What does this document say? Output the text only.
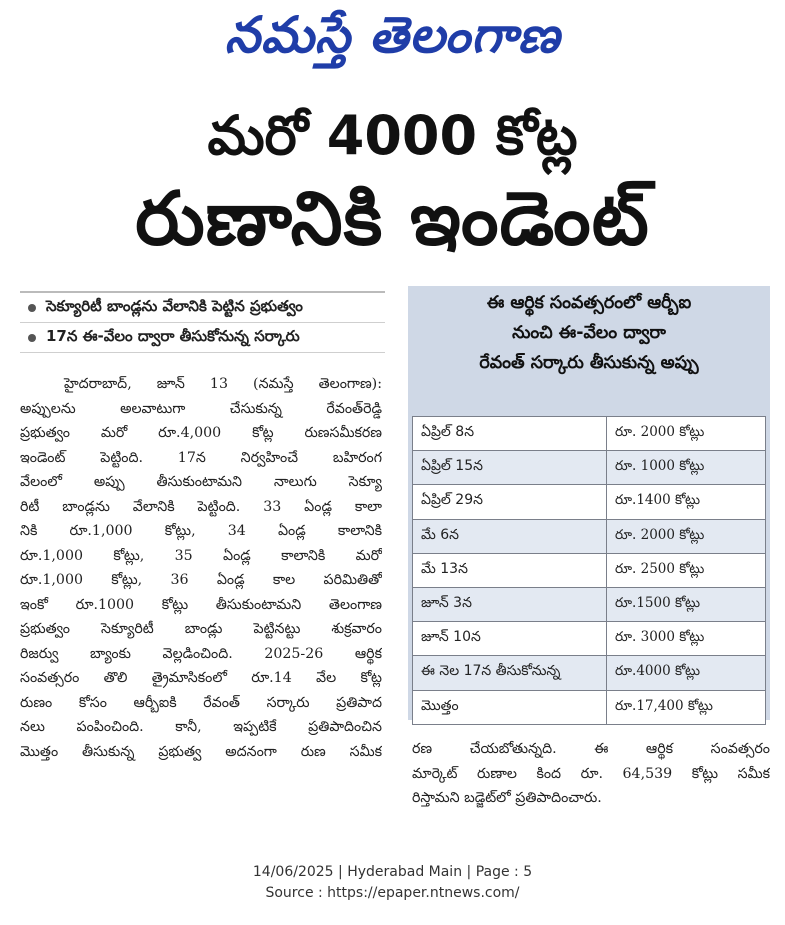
నమస్తే తెలంగాణ
మరో 4000 కోట్ల
రుణానికి ఇండెంట్
సెక్యూరిటీ బాండ్లను వేలానికి పెట్టిన ప్రభుత్వం
17న ఈ-వేలం ద్వారా తీసుకోనున్న సర్కారు
హైదరాబాద్, జూన్ 13 (నమస్తే తెలంగాణ):
అప్పులను అలవాటుగా చేసుకున్న రేవంత్‌రెడ్డి
ప్రభుత్వం మరో రూ.4,000 కోట్ల రుణసమీకరణ
ఇండెంట్ పెట్టింది. 17న నిర్వహించే బహిరంగ
వేలంలో అప్పు తీసుకుంటామని నాలుగు సెక్యూ
రిటీ బాండ్లను వేలానికి పెట్టింది. 33 ఏండ్ల కాలా
నికి రూ.1,000 కోట్లు, 34 ఏండ్ల కాలానికి
రూ.1,000 కోట్లు, 35 ఏండ్ల కాలానికి మరో
రూ.1,000 కోట్లు, 36 ఏండ్ల కాల పరిమితితో
ఇంకో రూ.1000 కోట్లు తీసుకుంటామని తెలంగాణ
ప్రభుత్వం సెక్యూరిటీ బాండ్లు పెట్టినట్టు శుక్రవారం
రిజర్వు బ్యాంకు వెల్లడించింది. 2025-26 ఆర్థిక
సంవత్సరం తొలి త్రైమాసికంలో రూ.14 వేల కోట్ల
రుణం కోసం ఆర్బీఐకి రేవంత్ సర్కారు ప్రతిపాద
నలు పంపించింది. కానీ, ఇప్పటికే ప్రతిపాదించిన
మొత్తం తీసుకున్న ప్రభుత్వ అదనంగా రుణ సమీక
ఈ ఆర్థిక సంవత్సరంలో ఆర్బీఐ
నుంచి ఈ-వేలం ద్వారా
రేవంత్ సర్కారు తీసుకున్న అప్పు
ఏప్రిల్ 8న	రూ. 2000 కోట్లు
ఏప్రిల్ 15న	రూ. 1000 కోట్లు
ఏప్రిల్ 29న	రూ.1400 కోట్లు
మే 6న	రూ. 2000 కోట్లు
మే 13న	రూ. 2500 కోట్లు
జూన్ 3న	రూ.1500 కోట్లు
జూన్ 10న	రూ. 3000 కోట్లు
ఈ నెల 17న తీసుకోనున్న	రూ.4000 కోట్లు
మొత్తం	రూ.17,400 కోట్లు
రణ చేయబోతున్నది. ఈ ఆర్థిక సంవత్సరం
మార్కెట్ రుణాల కింద రూ. 64,539 కోట్లు సమీక
రిస్తామని బడ్జెట్‌లో ప్రతిపాదించారు.
14/06/2025 | Hyderabad Main | Page : 5
Source : https://epaper.ntnews.com/
